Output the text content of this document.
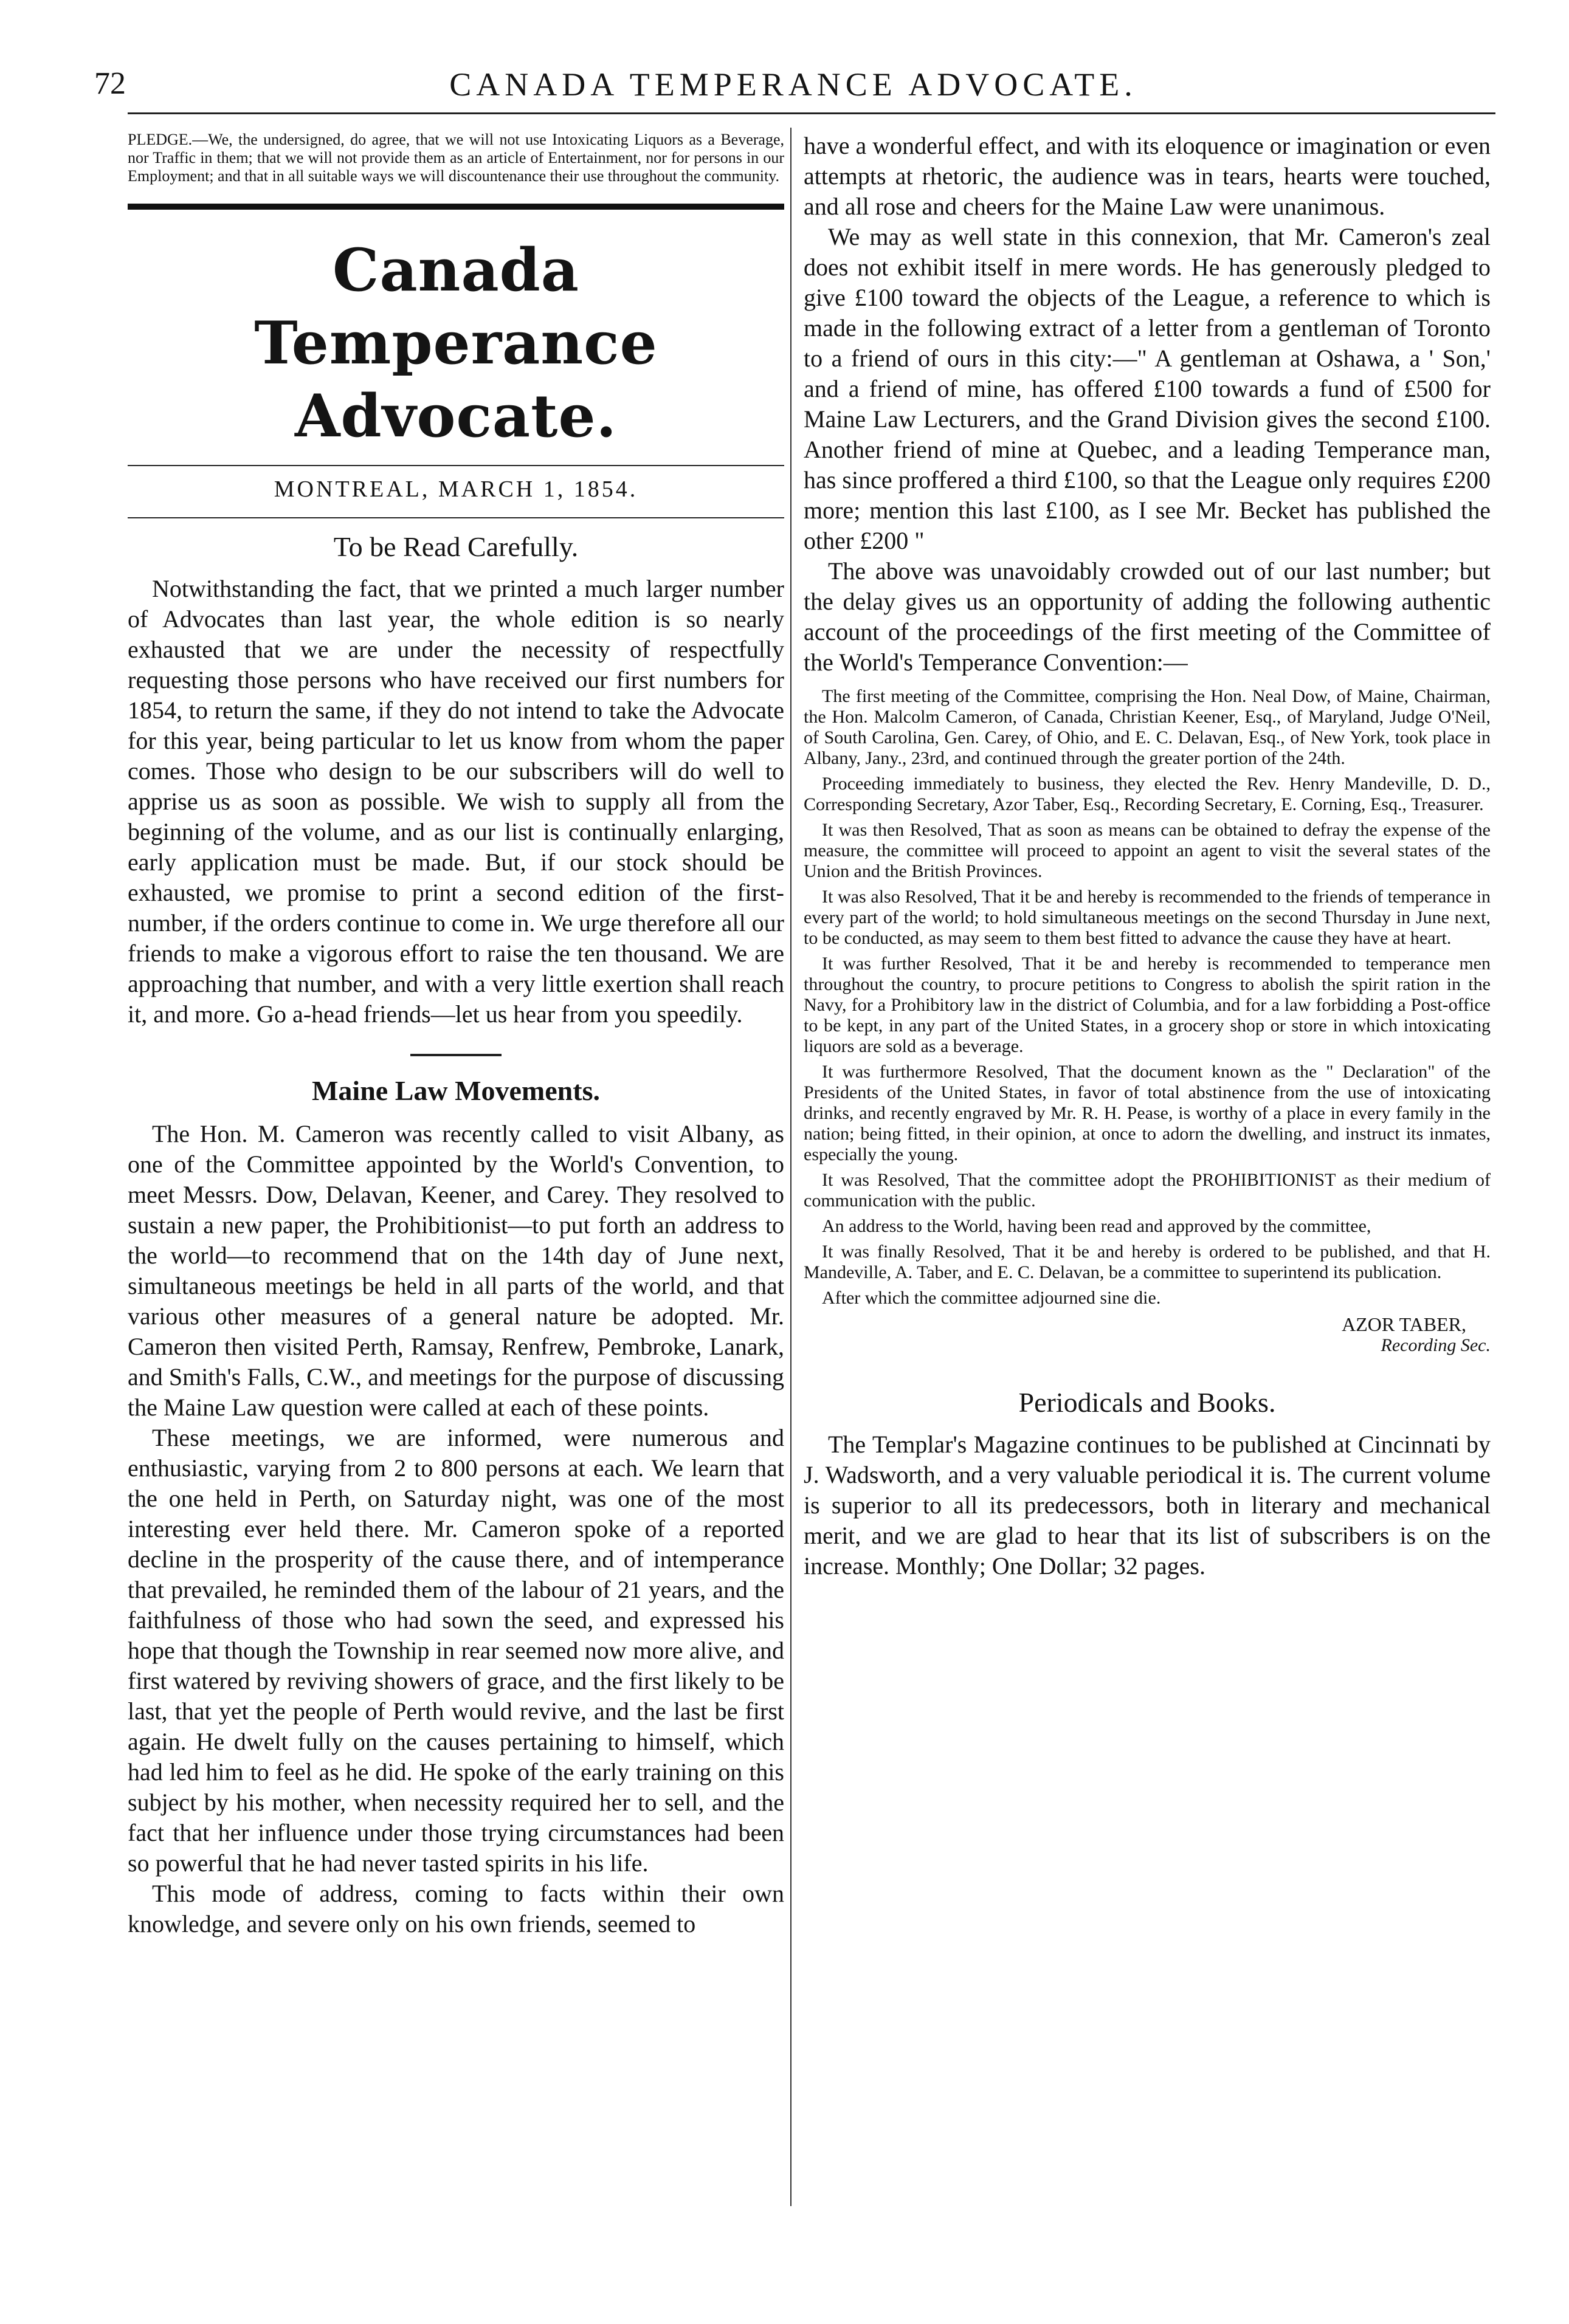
72	CANADA TEMPERANCE ADVOCATE.

PLEDGE.—We, the undersigned, do agree, that we will not use Intoxicating Liquors as a Beverage, nor Traffic in them; that we will not provide them as an article of Entertainment, nor for persons in our Employment; and that in all suitable ways we will discountenance their use throughout the community.

Canada Temperance Advocate.
MONTREAL, MARCH 1, 1854.
To be Read Carefully.

Notwithstanding the fact, that we printed a much larger number of Advocates than last year, the whole edition is so nearly exhausted that we are under the necessity of respectfully requesting those persons who have received our first numbers for 1854, to return the same, if they do not intend to take the Advocate for this year, being particular to let us know from whom the paper comes. Those who design to be our subscribers will do well to apprise us as soon as possible. We wish to supply all from the beginning of the volume, and as our list is continually enlarging, early application must be made. But, if our stock should be exhausted, we promise to print a second edition of the first-number, if the orders continue to come in. We urge therefore all our friends to make a vigorous effort to raise the ten thousand. We are approaching that number, and with a very little exertion shall reach it, and more. Go a-head friends—let us hear from you speedily.

Maine Law Movements.

The Hon. M. Cameron was recently called to visit Albany, as one of the Committee appointed by the World's Convention, to meet Messrs. Dow, Delavan, Keener, and Carey. They resolved to sustain a new paper, the Prohibitionist—to put forth an address to the world—to recommend that on the 14th day of June next, simultaneous meetings be held in all parts of the world, and that various other measures of a general nature be adopted. Mr. Cameron then visited Perth, Ramsay, Renfrew, Pembroke, Lanark, and Smith's Falls, C.W., and meetings for the purpose of discussing the Maine Law question were called at each of these points.

These meetings, we are informed, were numerous and enthusiastic, varying from 2 to 800 persons at each. We learn that the one held in Perth, on Saturday night, was one of the most interesting ever held there. Mr. Cameron spoke of a reported decline in the prosperity of the cause there, and of intemperance that prevailed, he reminded them of the labour of 21 years, and the faithfulness of those who had sown the seed, and expressed his hope that though the Township in rear seemed now more alive, and first watered by reviving showers of grace, and the first likely to be last, that yet the people of Perth would revive, and the last be first again. He dwelt fully on the causes pertaining to himself, which had led him to feel as he did. He spoke of the early training on this subject by his mother, when necessity required her to sell, and the fact that her influence under those trying circumstances had been so powerful that he had never tasted spirits in his life.

This mode of address, coming to facts within their own knowledge, and severe only on his own friends, seemed to

have a wonderful effect, and with its eloquence or imagination or even attempts at rhetoric, the audience was in tears, hearts were touched, and all rose and cheers for the Maine Law were unanimous.

We may as well state in this connexion, that Mr. Cameron's zeal does not exhibit itself in mere words. He has generously pledged to give £100 toward the objects of the League, a reference to which is made in the following extract of a letter from a gentleman of Toronto to a friend of ours in this city:—" A gentleman at Oshawa, a ' Son,' and a friend of mine, has offered £100 towards a fund of £500 for Maine Law Lecturers, and the Grand Division gives the second £100. Another friend of mine at Quebec, and a leading Temperance man, has since proffered a third £100, so that the League only requires £200 more; mention this last £100, as I see Mr. Becket has published the other £200 "

The above was unavoidably crowded out of our last number; but the delay gives us an opportunity of adding the following authentic account of the proceedings of the first meeting of the Committee of the World's Temperance Convention:—

The first meeting of the Committee, comprising the Hon. Neal Dow, of Maine, Chairman, the Hon. Malcolm Cameron, of Canada, Christian Keener, Esq., of Maryland, Judge O'Neil, of South Carolina, Gen. Carey, of Ohio, and E. C. Delavan, Esq., of New York, took place in Albany, Jany., 23rd, and continued through the greater portion of the 24th.

Proceeding immediately to business, they elected the Rev. Henry Mandeville, D. D., Corresponding Secretary, Azor Taber, Esq., Recording Secretary, E. Corning, Esq., Treasurer.

It was then Resolved, That as soon as means can be obtained to defray the expense of the measure, the committee will proceed to appoint an agent to visit the several states of the Union and the British Provinces.

It was also Resolved, That it be and hereby is recommended to the friends of temperance in every part of the world; to hold simultaneous meetings on the second Thursday in June next, to be conducted, as may seem to them best fitted to advance the cause they have at heart.

It was further Resolved, That it be and hereby is recommended to temperance men throughout the country, to procure petitions to Congress to abolish the spirit ration in the Navy, for a Prohibitory law in the district of Columbia, and for a law forbidding a Post-office to be kept, in any part of the United States, in a grocery shop or store in which intoxicating liquors are sold as a beverage.

It was furthermore Resolved, That the document known as the " Declaration" of the Presidents of the United States, in favor of total abstinence from the use of intoxicating drinks, and recently engraved by Mr. R. H. Pease, is worthy of a place in every family in the nation; being fitted, in their opinion, at once to adorn the dwelling, and instruct its inmates, especially the young.

It was Resolved, That the committee adopt the PROHIBITIONIST as their medium of communication with the public.

An address to the World, having been read and approved by the committee,

It was finally Resolved, That it be and hereby is ordered to be published, and that H. Mandeville, A. Taber, and E. C. Delavan, be a committee to superintend its publication.

After which the committee adjourned sine die.

AZOR TABER,
Recording Sec.
Periodicals and Books.

The Templar's Magazine continues to be published at Cincinnati by J. Wadsworth, and a very valuable periodical it is. The current volume is superior to all its predecessors, both in literary and mechanical merit, and we are glad to hear that its list of subscribers is on the increase. Monthly; One Dollar; 32 pages.
